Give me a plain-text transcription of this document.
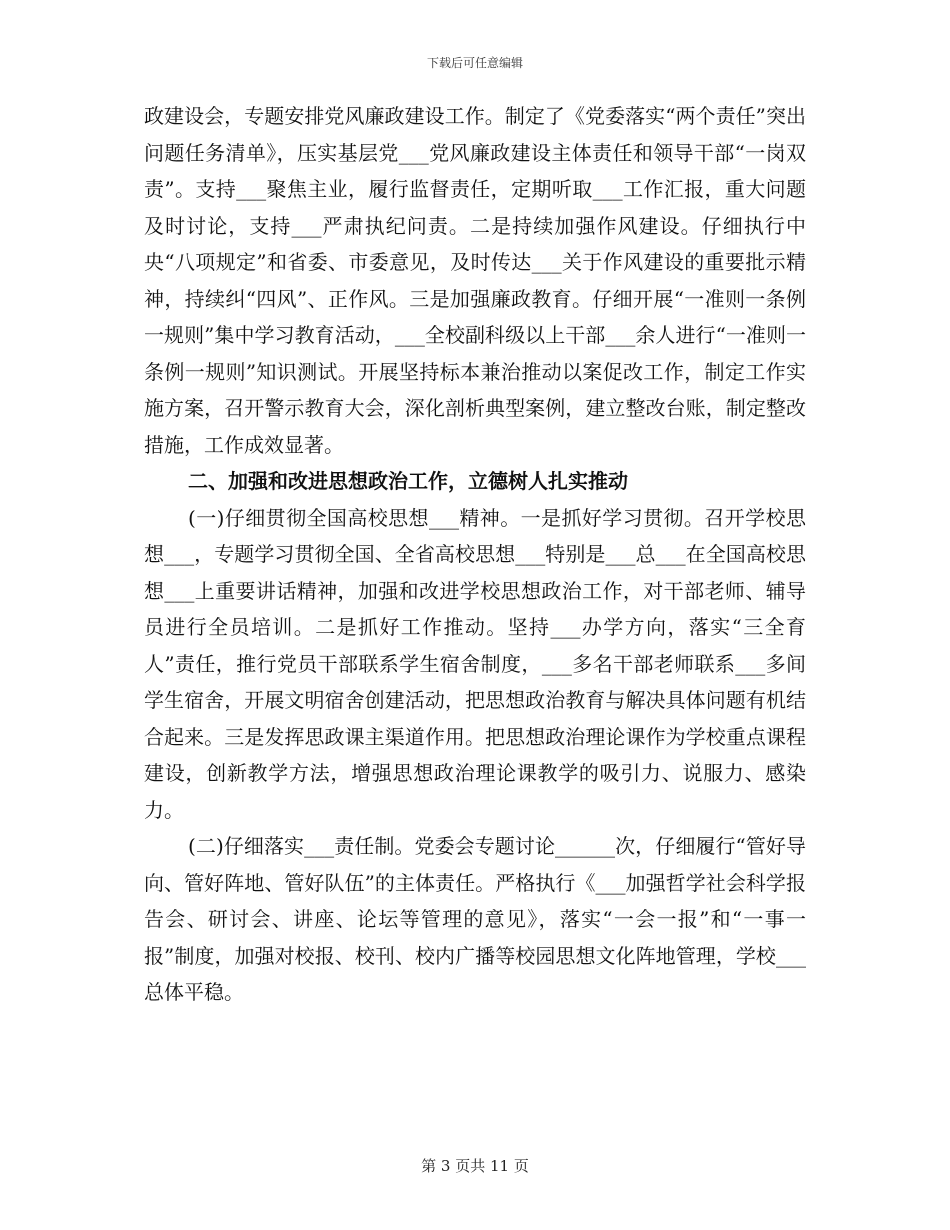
下载后可任意编辑

政建设会，专题安排党风廉政建设工作。制定了《党委落实“两个责任”突出问题任务清单》，压实基层党___党风廉政建设主体责任和领导干部“一岗双责”。支持___聚焦主业，履行监督责任，定期听取___工作汇报，重大问题及时讨论，支持___严肃执纪问责。二是持续加强作风建设。仔细执行中央“八项规定”和省委、市委意见，及时传达___关于作风建设的重要批示精神，持续纠“四风”、正作风。三是加强廉政教育。仔细开展“一准则一条例一规则”集中学习教育活动，___全校副科级以上干部___余人进行“一准则一条例一规则”知识测试。开展坚持标本兼治推动以案促改工作，制定工作实施方案，召开警示教育大会，深化剖析典型案例，建立整改台账，制定整改措施，工作成效显著。

二、加强和改进思想政治工作，立德树人扎实推动

(一)仔细贯彻全国高校思想___精神。一是抓好学习贯彻。召开学校思想___，专题学习贯彻全国、全省高校思想___特别是___总___在全国高校思想___上重要讲话精神，加强和改进学校思想政治工作，对干部老师、辅导员进行全员培训。二是抓好工作推动。坚持___办学方向，落实“三全育人”责任，推行党员干部联系学生宿舍制度，___多名干部老师联系___多间学生宿舍，开展文明宿舍创建活动，把思想政治教育与解决具体问题有机结合起来。三是发挥思政课主渠道作用。把思想政治理论课作为学校重点课程建设，创新教学方法，增强思想政治理论课教学的吸引力、说服力、感染力。

(二)仔细落实___责任制。党委会专题讨论______次，仔细履行“管好导向、管好阵地、管好队伍”的主体责任。严格执行《___加强哲学社会科学报告会、研讨会、讲座、论坛等管理的意见》，落实“一会一报”和“一事一报”制度，加强对校报、校刊、校内广播等校园思想文化阵地管理，学校___总体平稳。

第 3 页共 11 页
